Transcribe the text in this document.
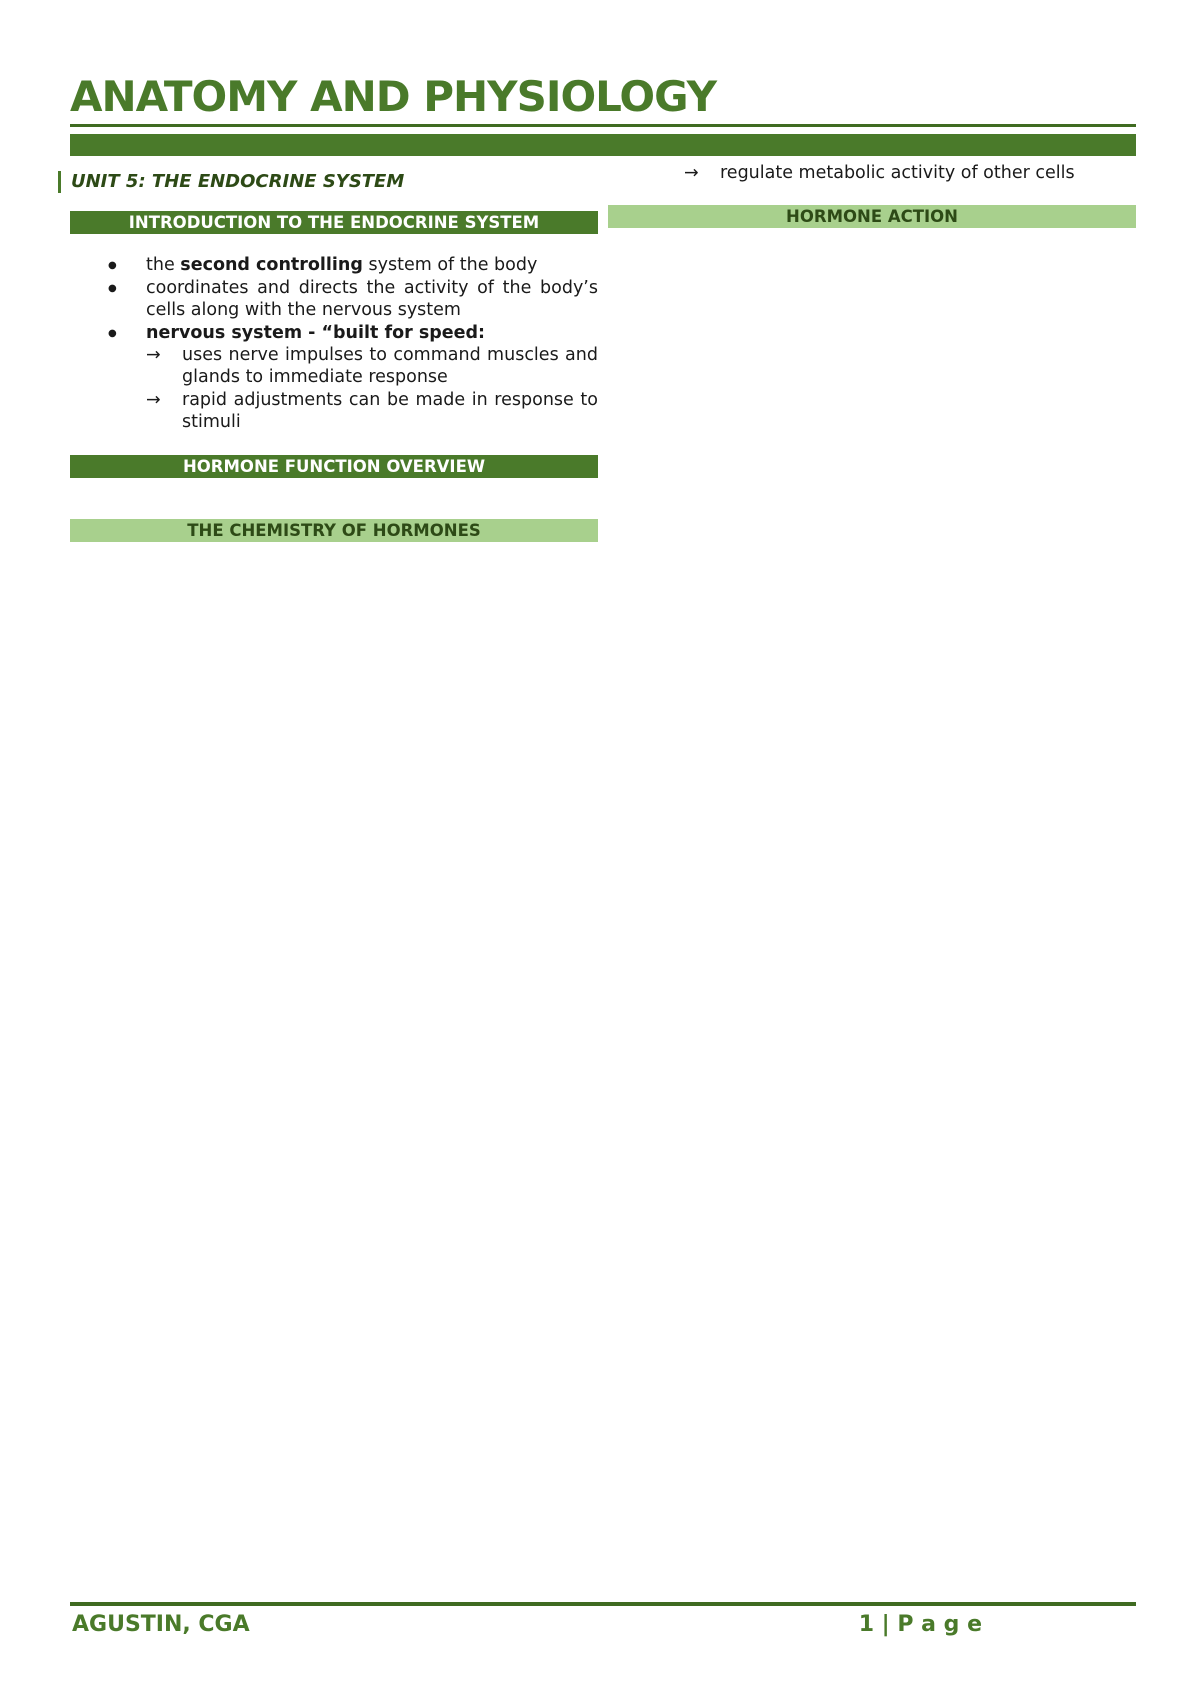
ANATOMY AND PHYSIOLOGY
UNIT 5: THE ENDOCRINE SYSTEM
INTRODUCTION TO THE ENDOCRINE SYSTEM
● the second controlling system of the body
● coordinates and directs the activity of the body’s cells along with the nervous system
● nervous system - “built for speed:
→ uses nerve impulses to command muscles and glands to immediate response
→ rapid adjustments can be made in response to stimuli
HORMONE FUNCTION OVERVIEW
THE CHEMISTRY OF HORMONES
→ regulate metabolic activity of other cells
HORMONE ACTION

AGUSTIN, CGA	1 | P a g e
